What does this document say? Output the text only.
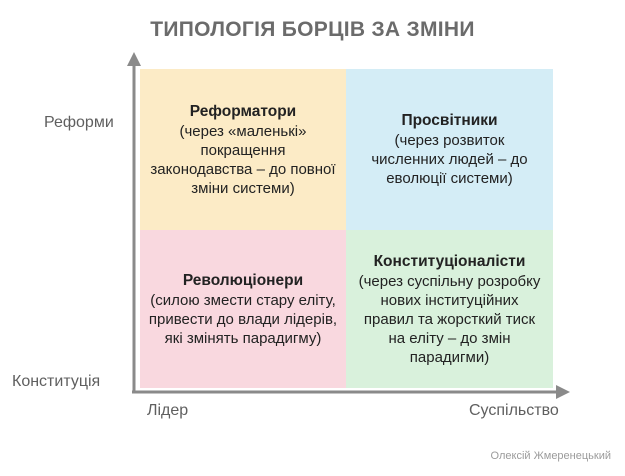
ТИПОЛОГІЯ БОРЦІВ ЗА ЗМІНИ
Реформатори
(через «маленькі»
покращення
законодавства – до повної
зміни системи)
Просвітники
(через розвиток
численних людей – до
еволюції системи)
Революціонери
(силою змести стару еліту,
привести до влади лідерів,
які змінять парадигму)
Конституціоналісти
(через суспільну розробку
нових інституційних
правил та жорсткий тиск
на еліту – до змін
парадигми)
Реформи
Конституція
Лідер	Суспільство
Олексій Жмеренецький
